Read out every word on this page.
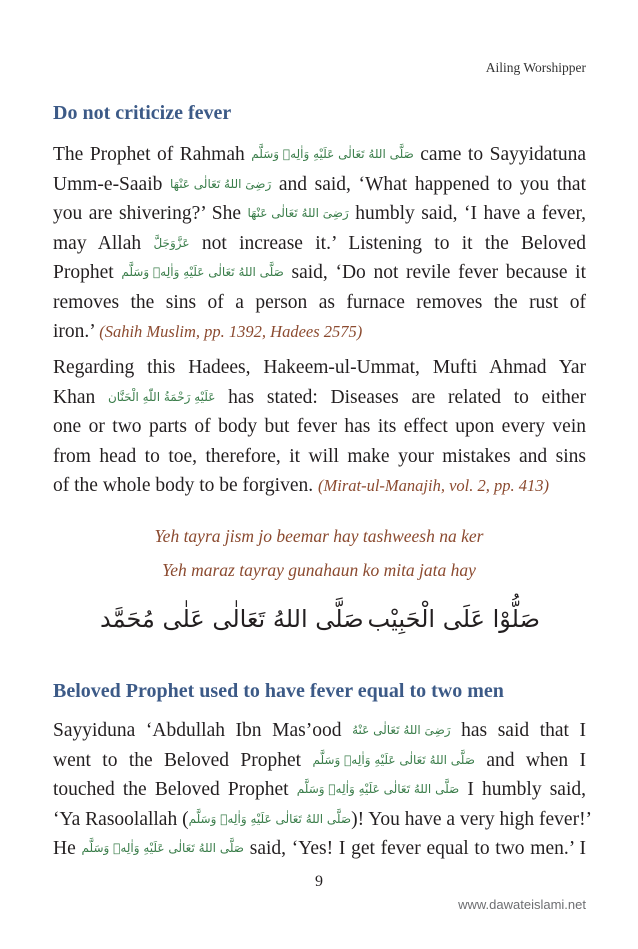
Ailing Worshipper
Do not criticize fever
The Prophet of Rahmah صَلَّى اللهُ تَعَالٰى عَلَيْهِ وَاٰلِهٖ وَسَلَّم came to Sayyidatuna
Umm-e-Saaib رَضِىَ اللهُ تَعَالٰى عَنْهَا and said, ‘What happened to you that
you are shivering?’ She رَضِىَ اللهُ تَعَالٰى عَنْهَا humbly said, ‘I have a fever,
may Allah عَزَّوَجَلَّ not increase it.’ Listening to it the Beloved
Prophet صَلَّى اللهُ تَعَالٰى عَلَيْهِ وَاٰلِهٖ وَسَلَّم said, ‘Do not revile fever because it
removes the sins of a person as furnace removes the rust of
iron.’ (Sahih Muslim, pp. 1392, Hadees 2575)
Regarding this Hadees, Hakeem-ul-Ummat, Mufti Ahmad Yar
Khan عَلَيْهِ رَحْمَةُ اللّٰهِ الْحَنَّان has stated: Diseases are related to either
one or two parts of body but fever has its effect upon every vein
from head to toe, therefore, it will make your mistakes and sins
of the whole body to be forgiven. (Mirat-ul-Manajih, vol. 2, pp. 413)
Yeh tayra jism jo beemar hay tashweesh na ker
Yeh maraz tayray gunahaun ko mita jata hay
صَلُّوْا عَلَى الْحَبِيْب
صَلَّى اللهُ تَعَالٰى عَلٰى مُحَمَّد
Beloved Prophet used to have fever equal to two men
Sayyiduna ‘Abdullah Ibn Mas’ood رَضِىَ اللهُ تَعَالٰى عَنْهُ has said that I
went to the Beloved Prophet صَلَّى اللهُ تَعَالٰى عَلَيْهِ وَاٰلِهٖ وَسَلَّم and when I
touched the Beloved Prophet صَلَّى اللهُ تَعَالٰى عَلَيْهِ وَاٰلِهٖ وَسَلَّم I humbly said,
‘Ya Rasoolallah (صَلَّى اللهُ تَعَالٰى عَلَيْهِ وَاٰلِهٖ وَسَلَّم)! You have a very high fever!’
He صَلَّى اللهُ تَعَالٰى عَلَيْهِ وَاٰلِهٖ وَسَلَّم said, ‘Yes! I get fever equal to two men.’ I
9
www.dawateislami.net
